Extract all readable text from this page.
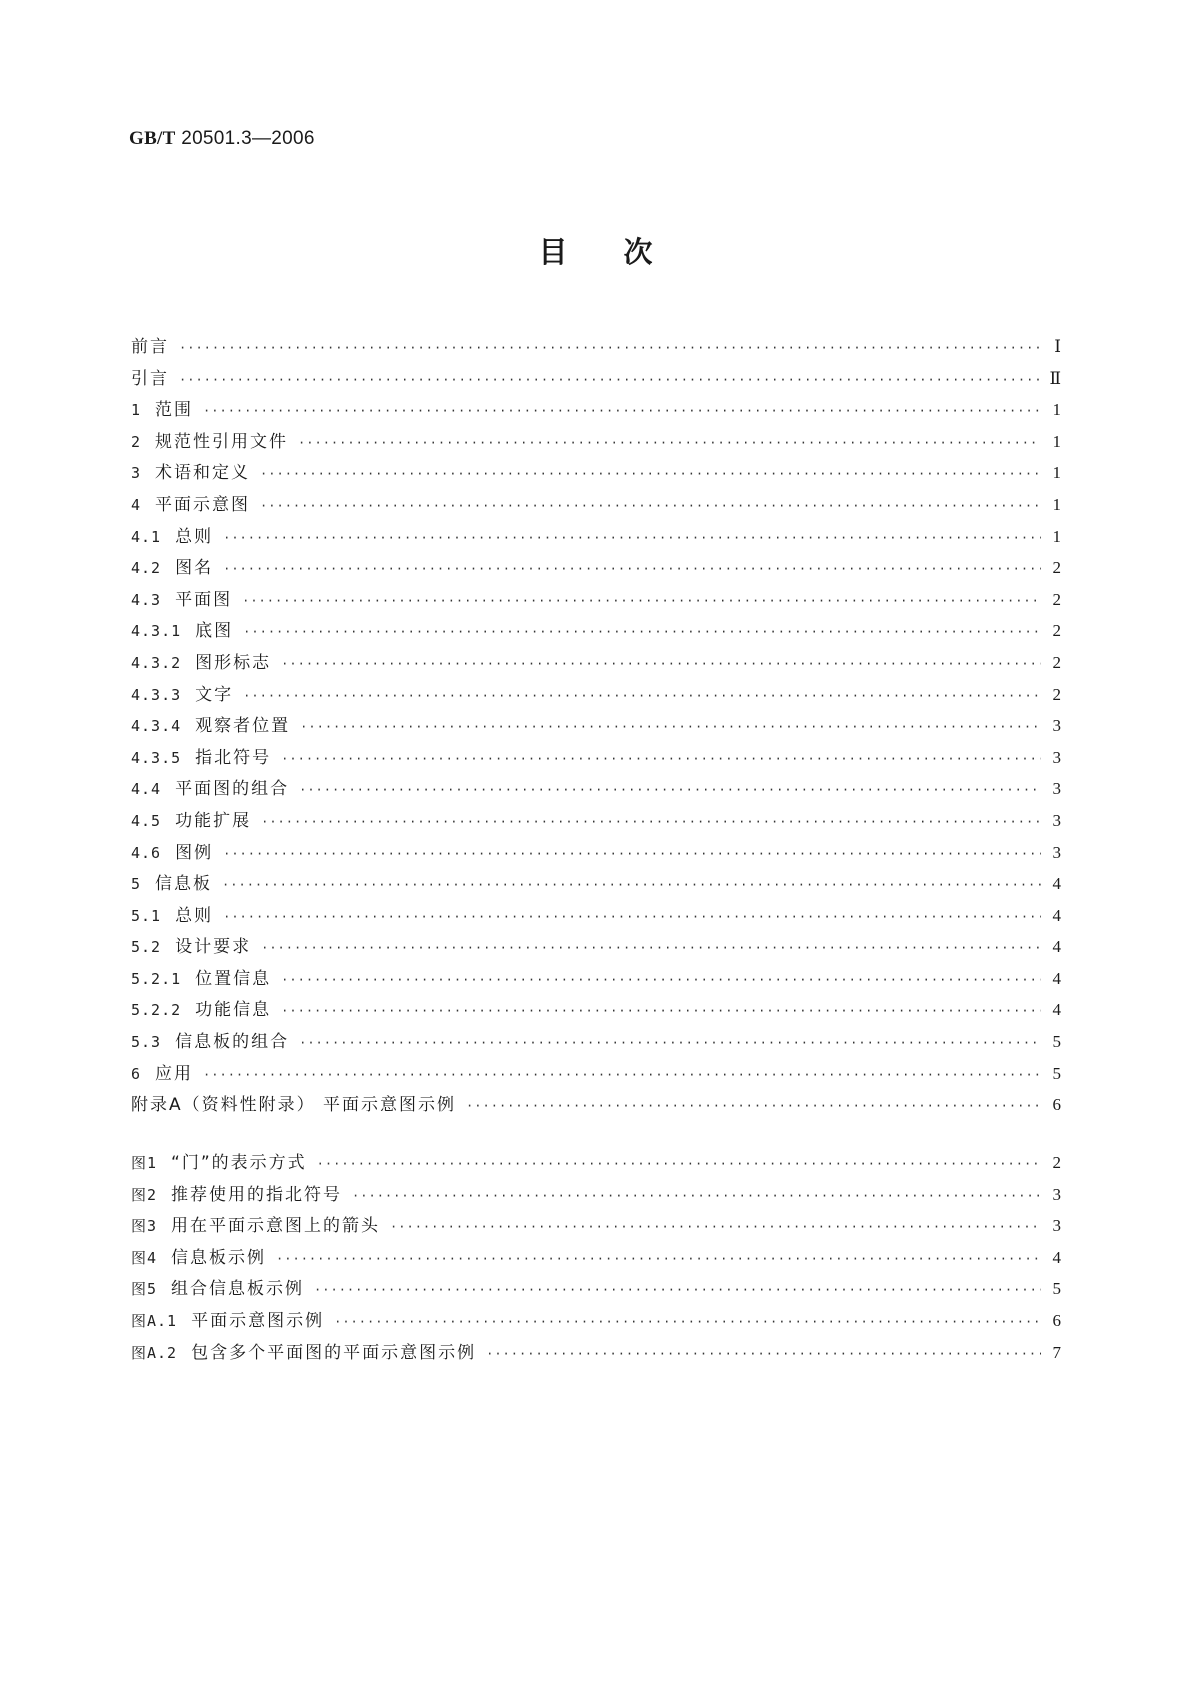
GB/T 20501.3—2006
目次
前言 ·····	Ⅰ
引言 ·····	Ⅱ
1 范围 ·····	1
2 规范性引用文件 ·····	1
3 术语和定义 ·····	1
4 平面示意图 ·····	1
4.1 总则 ·····	1
4.2 图名 ·····	2
4.3 平面图 ·····	2
4.3.1 底图 ·····	2
4.3.2 图形标志 ·····	2
4.3.3 文字 ·····	2
4.3.4 观察者位置 ·····	3
4.3.5 指北符号 ·····	3
4.4 平面图的组合 ·····	3
4.5 功能扩展 ·····	3
4.6 图例 ·····	3
5 信息板 ·····	4
5.1 总则 ·····	4
5.2 设计要求 ·····	4
5.2.1 位置信息 ·····	4
5.2.2 功能信息 ·····	4
5.3 信息板的组合 ·····	5
6 应用 ·····	5
附录A（资料性附录） 平面示意图示例 ·····	6
图1 “门”的表示方式 ·····	2
图2 推荐使用的指北符号 ·····	3
图3 用在平面示意图上的箭头 ·····	3
图4 信息板示例 ·····	4
图5 组合信息板示例 ·····	5
图A.1 平面示意图示例 ·····	6
图A.2 包含多个平面图的平面示意图示例 ·····	7
